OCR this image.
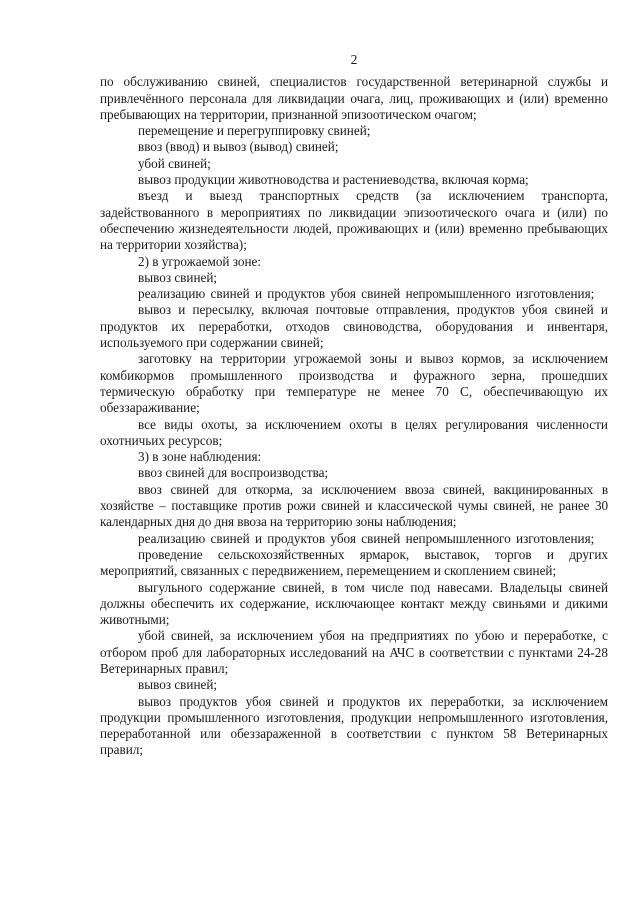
2

по обслуживанию свиней, специалистов государственной ветеринарной службы и привлечённого персонала для ликвидации очага, лиц, проживающих и (или) временно пребывающих на территории, признанной эпизоотическом очагом;

перемещение и перегруппировку свиней;

ввоз (ввод) и вывоз (вывод) свиней;

убой свиней;

вывоз продукции животноводства и растениеводства, включая корма;

въезд и выезд транспортных средств (за исключением транспорта, задействованного в мероприятиях по ликвидации эпизоотического очага и (или) по обеспечению жизнедеятельности людей, проживающих и (или) временно пребывающих на территории хозяйства);

2) в угрожаемой зоне:

вывоз свиней;

реализацию свиней и продуктов убоя свиней непромышленного изготовления;

вывоз и пересылку, включая почтовые отправления, продуктов убоя свиней и продуктов их переработки, отходов свиноводства, оборудования и инвентаря, используемого при содержании свиней;

заготовку на территории угрожаемой зоны и вывоз кормов, за исключением комбикормов промышленного производства и фуражного зерна, прошедших термическую обработку при температуре не менее 70 С, обеспечивающую их обеззараживание;

все виды охоты, за исключением охоты в целях регулирования численности охотничьих ресурсов;

3) в зоне наблюдения:

ввоз свиней для воспроизводства;

ввоз свиней для откорма, за исключением ввоза свиней, вакцинированных в хозяйстве – поставщике против рожи свиней и классической чумы свиней, не ранее 30 календарных дня до дня ввоза на территорию зоны наблюдения;

реализацию свиней и продуктов убоя свиней непромышленного изготовления;

проведение сельскохозяйственных ярмарок, выставок, торгов и других мероприятий, связанных с передвижением, перемещением и скоплением свиней;

выгульного содержание свиней, в том числе под навесами. Владельцы свиней должны обеспечить их содержание, исключающее контакт между свиньями и дикими животными;

убой свиней, за исключением убоя на предприятиях по убою и переработке, с отбором проб для лабораторных исследований на АЧС в соответствии с пунктами 24-28 Ветеринарных правил;

вывоз свиней;

вывоз продуктов убоя свиней и продуктов их переработки, за исключением продукции промышленного изготовления, продукции непромышленного изготовления, переработанной или обеззараженной в соответствии с пунктом 58 Ветеринарных правил;
